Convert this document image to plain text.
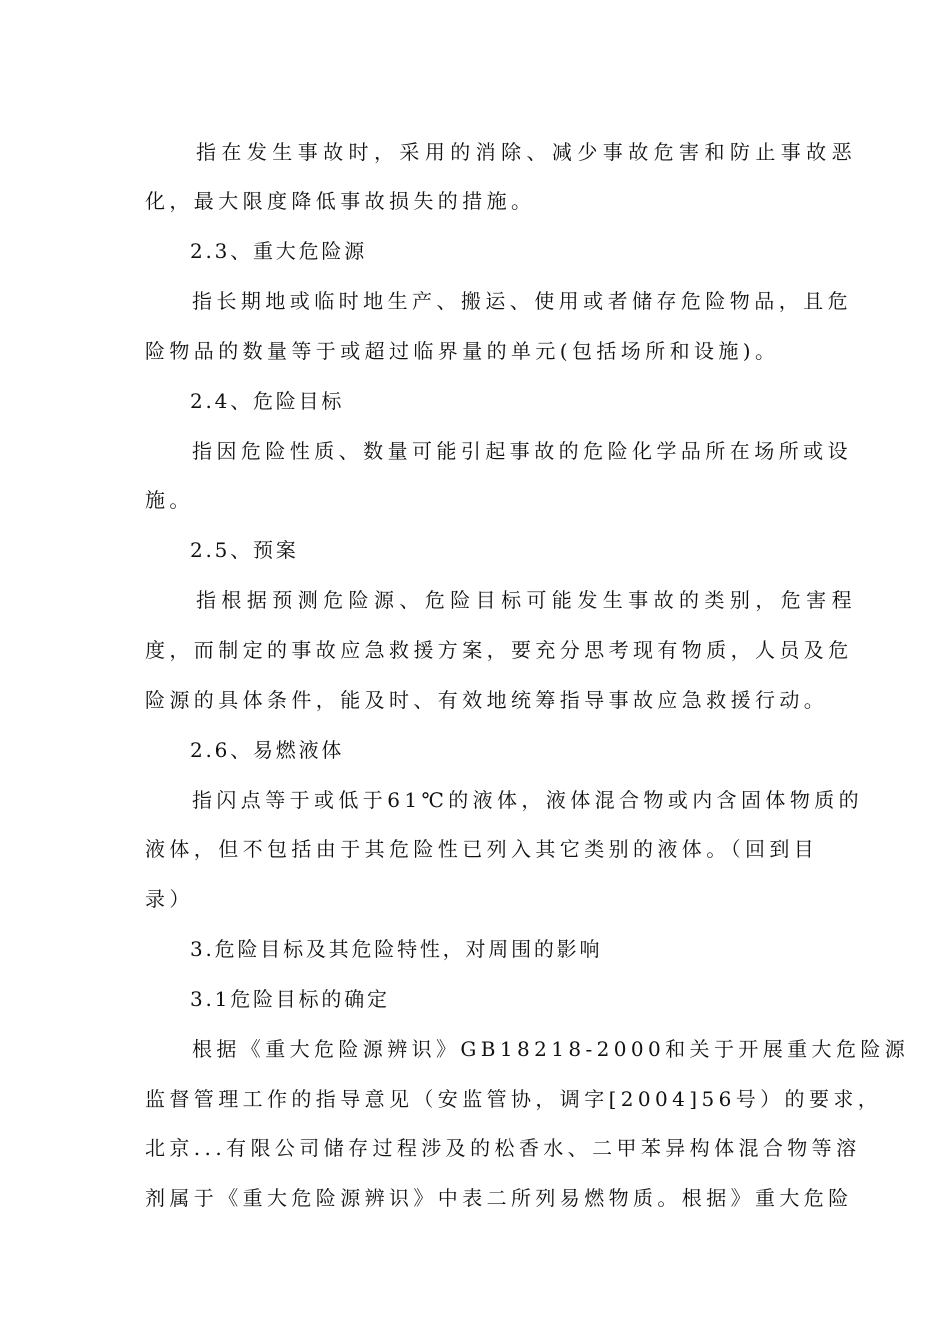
指在发生事故时，采用的消除、减少事故危害和防止事故恶
化，最大限度降低事故损失的措施。
2.3、重大危险源
指长期地或临时地生产、搬运、使用或者储存危险物品，且危
险物品的数量等于或超过临界量的单元(包括场所和设施)。
2.4、危险目标
指因危险性质、数量可能引起事故的危险化学品所在场所或设
施。
2.5、预案
指根据预测危险源、危险目标可能发生事故的类别，危害程
度，而制定的事故应急救援方案，要充分思考现有物质，人员及危
险源的具体条件，能及时、有效地统筹指导事故应急救援行动。
2.6、易燃液体
指闪点等于或低于61℃的液体，液体混合物或内含固体物质的
液体，但不包括由于其危险性已列入其它类别的液体。（回到目
录）
3.危险目标及其危险特性，对周围的影响
3.1危险目标的确定
根据《重大危险源辨识》GB18218-2000和关于开展重大危险源
监督管理工作的指导意见（安监管协，调字[2004]56号）的要求，
北京...有限公司储存过程涉及的松香水、二甲苯异构体混合物等溶
剂属于《重大危险源辨识》中表二所列易燃物质。根据》重大危险
